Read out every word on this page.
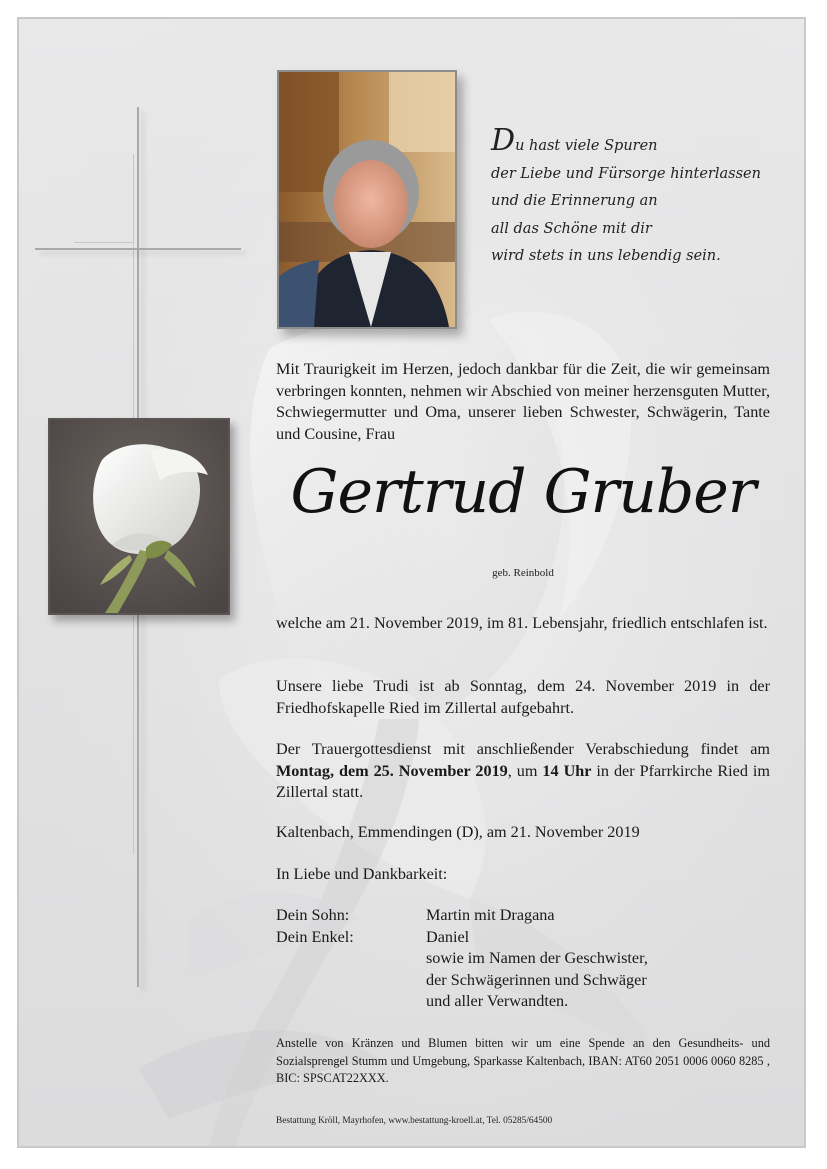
Du hast viele Spuren
der Liebe und Fürsorge hinterlassen
und die Erinnerung an
all das Schöne mit dir
wird stets in uns lebendig sein.
Mit Traurigkeit im Herzen, jedoch dankbar für die Zeit, die wir gemeinsam verbringen konnten, nehmen wir Abschied von meiner herzensguten Mutter, Schwiegermutter und Oma, unserer lieben Schwester, Schwägerin, Tante und Cousine, Frau
Gertrud Gruber
geb. Reinbold
welche am 21. November 2019, im 81. Lebensjahr, friedlich entschlafen ist.
Unsere liebe Trudi ist ab Sonntag, dem 24. November 2019 in der Friedhofskapelle Ried im Zillertal aufgebahrt.
Der Trauergottesdienst mit anschließender Verabschiedung findet am Montag, dem 25. November 2019, um 14 Uhr in der Pfarrkirche Ried im Zillertal statt.
Kaltenbach, Emmendingen (D), am 21. November 2019
In Liebe und Dankbarkeit:
Dein Sohn:	Martin mit Dragana
Dein Enkel:	Daniel
sowie im Namen der Geschwister,
der Schwägerinnen und Schwäger
und aller Verwandten.
Anstelle von Kränzen und Blumen bitten wir um eine Spende an den Gesundheits- und Sozialsprengel Stumm und Umgebung, Sparkasse Kaltenbach, IBAN: AT60 2051 0006 0060 8285 , BIC: SPSCAT22XXX.
Bestattung Kröll, Mayrhofen, www.bestattung-kroell.at, Tel. 05285/64500
